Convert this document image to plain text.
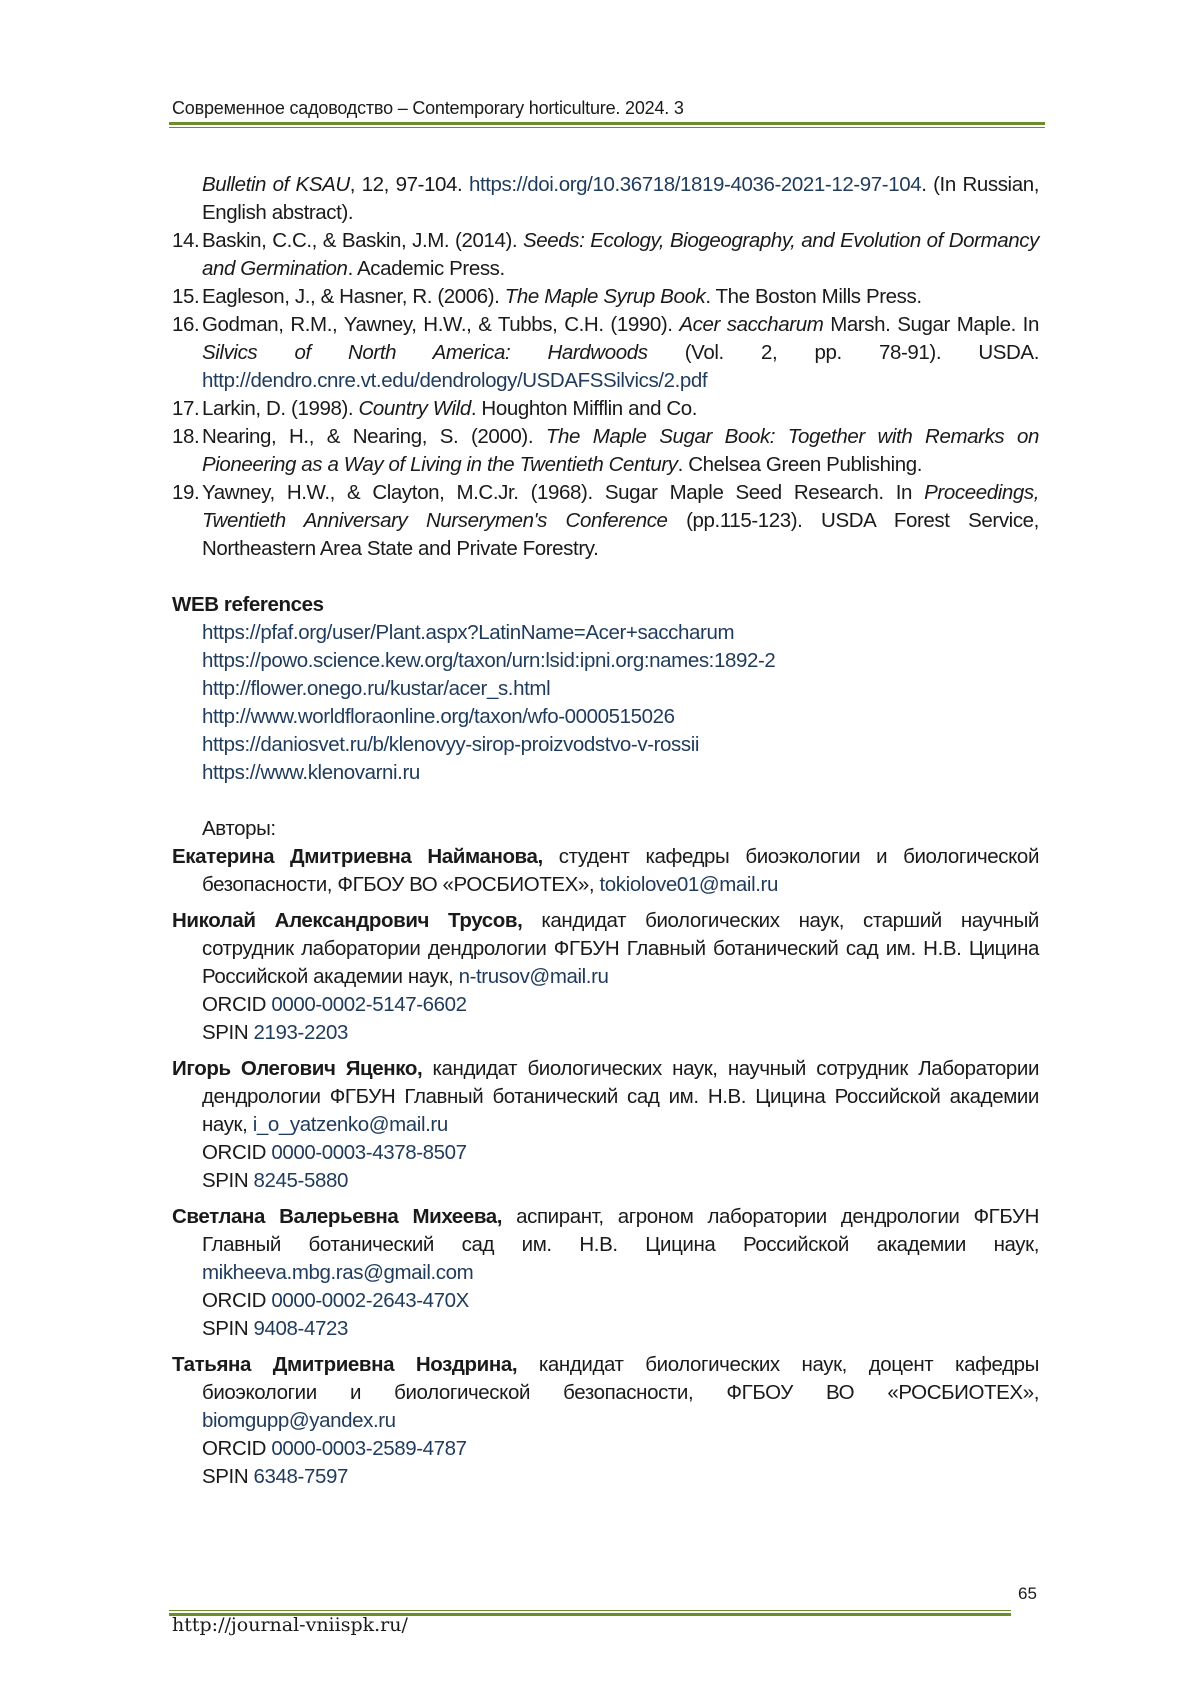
Современное садоводство – Contemporary horticulture. 2024. 3
Bulletin of KSAU, 12, 97-104. https://doi.org/10.36718/1819-4036-2021-12-97-104. (In Russian, English abstract).
14. Baskin, C.C., & Baskin, J.M. (2014). Seeds: Ecology, Biogeography, and Evolution of Dormancy and Germination. Academic Press.
15. Eagleson, J., & Hasner, R. (2006). The Maple Syrup Book. The Boston Mills Press.
16. Godman, R.M., Yawney, H.W., & Tubbs, C.H. (1990). Acer saccharum Marsh. Sugar Maple. In Silvics of North America: Hardwoods (Vol. 2, pp. 78-91). USDA. http://dendro.cnre.vt.edu/dendrology/USDAFSSilvics/2.pdf
17. Larkin, D. (1998). Country Wild. Houghton Mifflin and Co.
18. Nearing, H., & Nearing, S. (2000). The Maple Sugar Book: Together with Remarks on Pioneering as a Way of Living in the Twentieth Century. Chelsea Green Publishing.
19. Yawney, H.W., & Clayton, M.C.Jr. (1968). Sugar Maple Seed Research. In Proceedings, Twentieth Anniversary Nurserymen's Conference (pp.115-123). USDA Forest Service, Northeastern Area State and Private Forestry.
WEB references
https://pfaf.org/user/Plant.aspx?LatinName=Acer+saccharum
https://powo.science.kew.org/taxon/urn:lsid:ipni.org:names:1892-2
http://flower.onego.ru/kustar/acer_s.html
http://www.worldfloraonline.org/taxon/wfo-0000515026
https://daniosvet.ru/b/klenovyy-sirop-proizvodstvo-v-rossii
https://www.klenovarni.ru
Авторы:
Екатерина Дмитриевна Найманова, студент кафедры биоэкологии и биологической безопасности, ФГБОУ ВО «РОСБИОТЕХ», tokiolove01@mail.ru
Николай Александрович Трусов, кандидат биологических наук, старший научный сотрудник лаборатории дендрологии ФГБУН Главный ботанический сад им. Н.В. Цицина Российской академии наук, n-trusov@mail.ru
ORCID 0000-0002-5147-6602
SPIN 2193-2203
Игорь Олегович Яценко, кандидат биологических наук, научный сотрудник Лаборатории дендрологии ФГБУН Главный ботанический сад им. Н.В. Цицина Российской академии наук, i_o_yatzenko@mail.ru
ORCID 0000-0003-4378-8507
SPIN 8245-5880
Светлана Валерьевна Михеева, аспирант, агроном лаборатории дендрологии ФГБУН Главный ботанический сад им. Н.В. Цицина Российской академии наук, mikheeva.mbg.ras@gmail.com
ORCID 0000-0002-2643-470X
SPIN 9408-4723
Татьяна Дмитриевна Ноздрина, кандидат биологических наук, доцент кафедры биоэкологии и биологической безопасности, ФГБОУ ВО «РОСБИОТЕХ», biomgupp@yandex.ru
ORCID 0000-0003-2589-4787
SPIN 6348-7597
65
http://journal-vniispk.ru/
